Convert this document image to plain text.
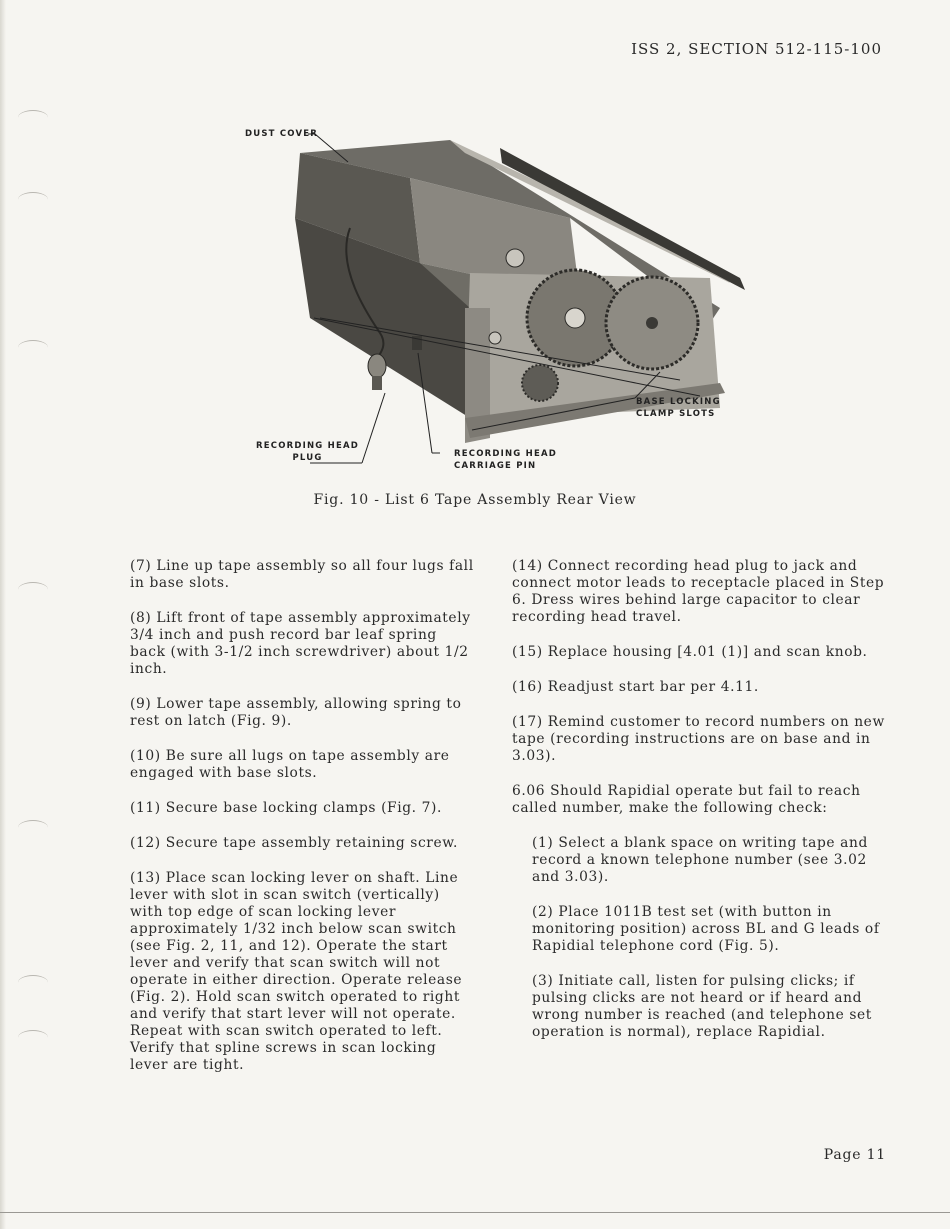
ISS 2, SECTION 512-115-100
DUST COVER
BASE LOCKING
CLAMP SLOTS
RECORDING HEAD
PLUG	RECORDING HEAD
CARRIAGE PIN
Fig. 10 - List 6 Tape Assembly Rear View

(7) Line up tape assembly so all four lugs fall in base slots.

(8) Lift front of tape assembly approximately 3/4 inch and push record bar leaf spring back (with 3-1/2 inch screwdriver) about 1/2 inch.

(9) Lower tape assembly, allowing spring to rest on latch (Fig. 9).

(10) Be sure all lugs on tape assembly are engaged with base slots.

(11) Secure base locking clamps (Fig. 7).

(12) Secure tape assembly retaining screw.

(13) Place scan locking lever on shaft. Line lever with slot in scan switch (vertically) with top edge of scan locking lever approximately 1/32 inch below scan switch (see Fig. 2, 11, and 12). Operate the start lever and verify that scan switch will not operate in either direction. Operate release (Fig. 2). Hold scan switch operated to right and verify that start lever will not operate. Repeat with scan switch operated to left. Verify that spline screws in scan locking lever are tight.

(14) Connect recording head plug to jack and connect motor leads to receptacle placed in Step 6. Dress wires behind large capacitor to clear recording head travel.

(15) Replace housing [4.01 (1)] and scan knob.

(16) Readjust start bar per 4.11.

(17) Remind customer to record numbers on new tape (recording instructions are on base and in 3.03).

6.06 Should Rapidial operate but fail to reach called number, make the following check:

(1) Select a blank space on writing tape and record a known telephone number (see 3.02 and 3.03).

(2) Place 1011B test set (with button in monitoring position) across BL and G leads of Rapidial telephone cord (Fig. 5).

(3) Initiate call, listen for pulsing clicks; if pulsing clicks are not heard or if heard and wrong number is reached (and telephone set operation is normal), replace Rapidial.

Page 11
